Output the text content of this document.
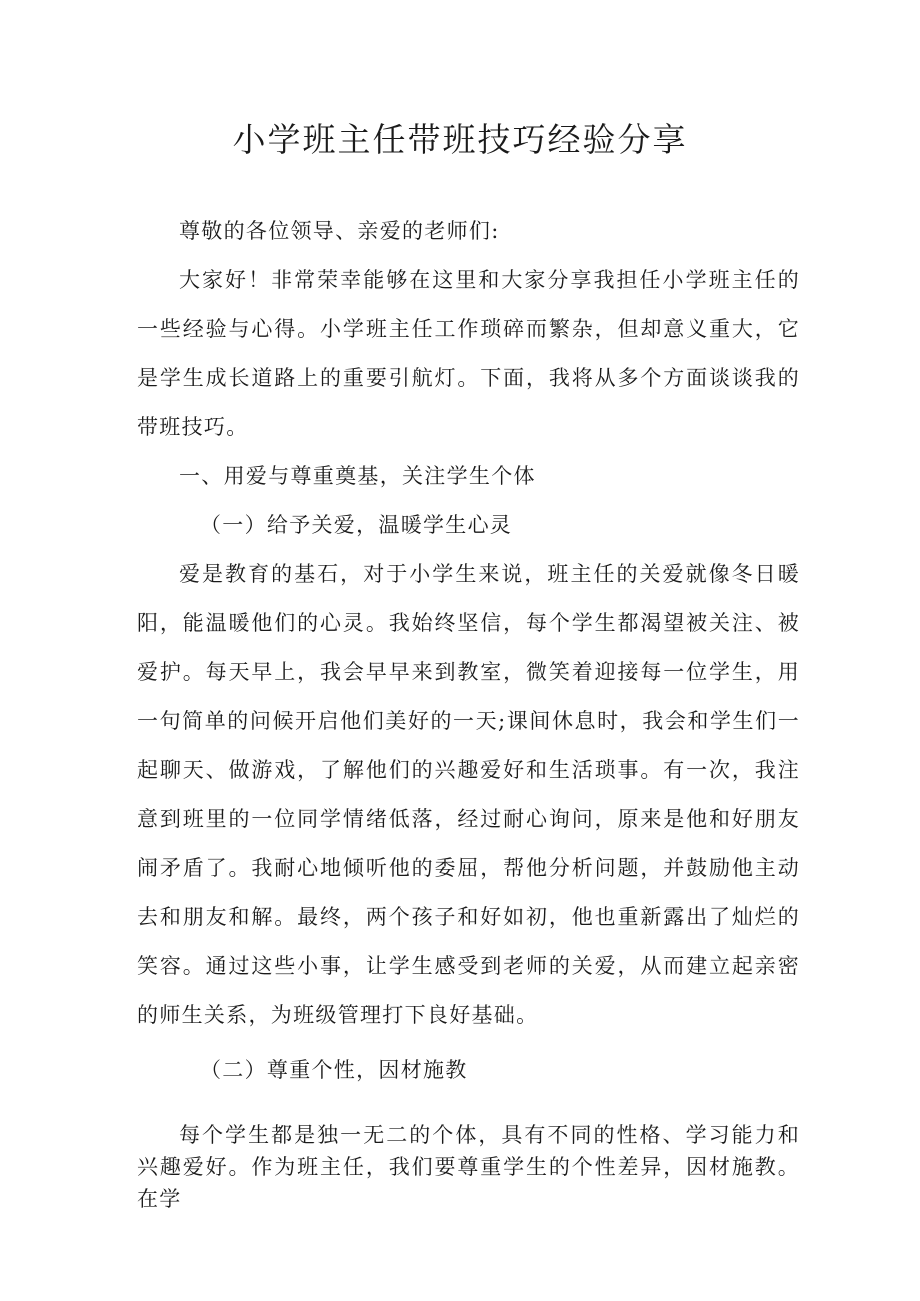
小学班主任带班技巧经验分享

尊敬的各位领导、亲爱的老师们:

大家好！非常荣幸能够在这里和大家分享我担任小学班主任的一些经验与心得。小学班主任工作琐碎而繁杂，但却意义重大，它是学生成长道路上的重要引航灯。下面，我将从多个方面谈谈我的带班技巧。

一、用爱与尊重奠基，关注学生个体

（一）给予关爱，温暖学生心灵

爱是教育的基石，对于小学生来说，班主任的关爱就像冬日暖阳，能温暖他们的心灵。我始终坚信，每个学生都渴望被关注、被爱护。每天早上，我会早早来到教室，微笑着迎接每一位学生，用一句简单的问候开启他们美好的一天;课间休息时，我会和学生们一起聊天、做游戏，了解他们的兴趣爱好和生活琐事。有一次，我注意到班里的一位同学情绪低落，经过耐心询问，原来是他和好朋友闹矛盾了。我耐心地倾听他的委屈，帮他分析问题，并鼓励他主动去和朋友和解。最终，两个孩子和好如初，他也重新露出了灿烂的笑容。通过这些小事，让学生感受到老师的关爱，从而建立起亲密的师生关系，为班级管理打下良好基础。

（二）尊重个性，因材施教

每个学生都是独一无二的个体，具有不同的性格、学习能力和兴趣爱好。作为班主任，我们要尊重学生的个性差异，因材施教。在学
